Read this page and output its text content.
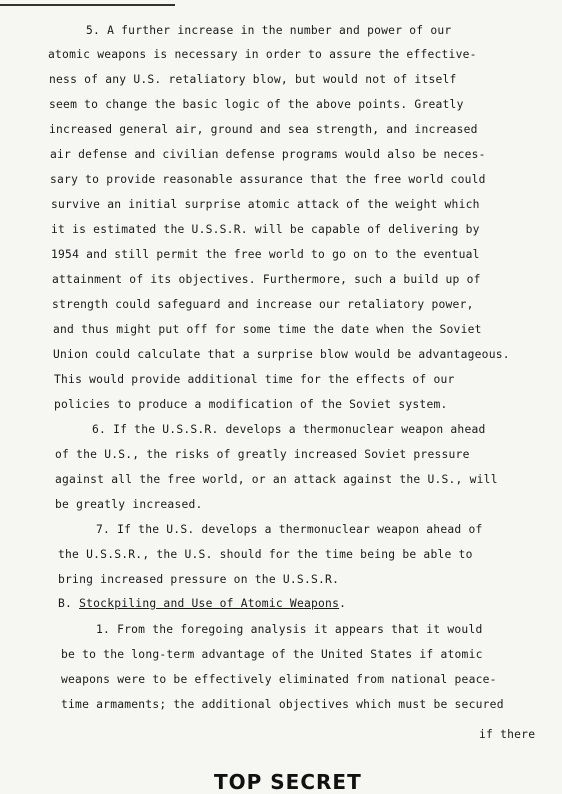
5. A further increase in the number and power of our
atomic weapons is necessary in order to assure the effective-
ness of any U.S. retaliatory blow, but would not of itself
seem to change the basic logic of the above points. Greatly
increased general air, ground and sea strength, and increased
air defense and civilian defense programs would also be neces-
sary to provide reasonable assurance that the free world could
survive an initial surprise atomic attack of the weight which
it is estimated the U.S.S.R. will be capable of delivering by
1954 and still permit the free world to go on to the eventual
attainment of its objectives. Furthermore, such a build up of
strength could safeguard and increase our retaliatory power,
and thus might put off for some time the date when the Soviet
Union could calculate that a surprise blow would be advantageous.
This would provide additional time for the effects of our
policies to produce a modification of the Soviet system.
6. If the U.S.S.R. develops a thermonuclear weapon ahead
of the U.S., the risks of greatly increased Soviet pressure
against all the free world, or an attack against the U.S., will
be greatly increased.
7. If the U.S. develops a thermonuclear weapon ahead of
the U.S.S.R., the U.S. should for the time being be able to
bring increased pressure on the U.S.S.R.
B. Stockpiling and Use of Atomic Weapons.
1. From the foregoing analysis it appears that it would
be to the long-term advantage of the United States if atomic
weapons were to be effectively eliminated from national peace-
time armaments; the additional objectives which must be secured
if there
TOP SECRET
